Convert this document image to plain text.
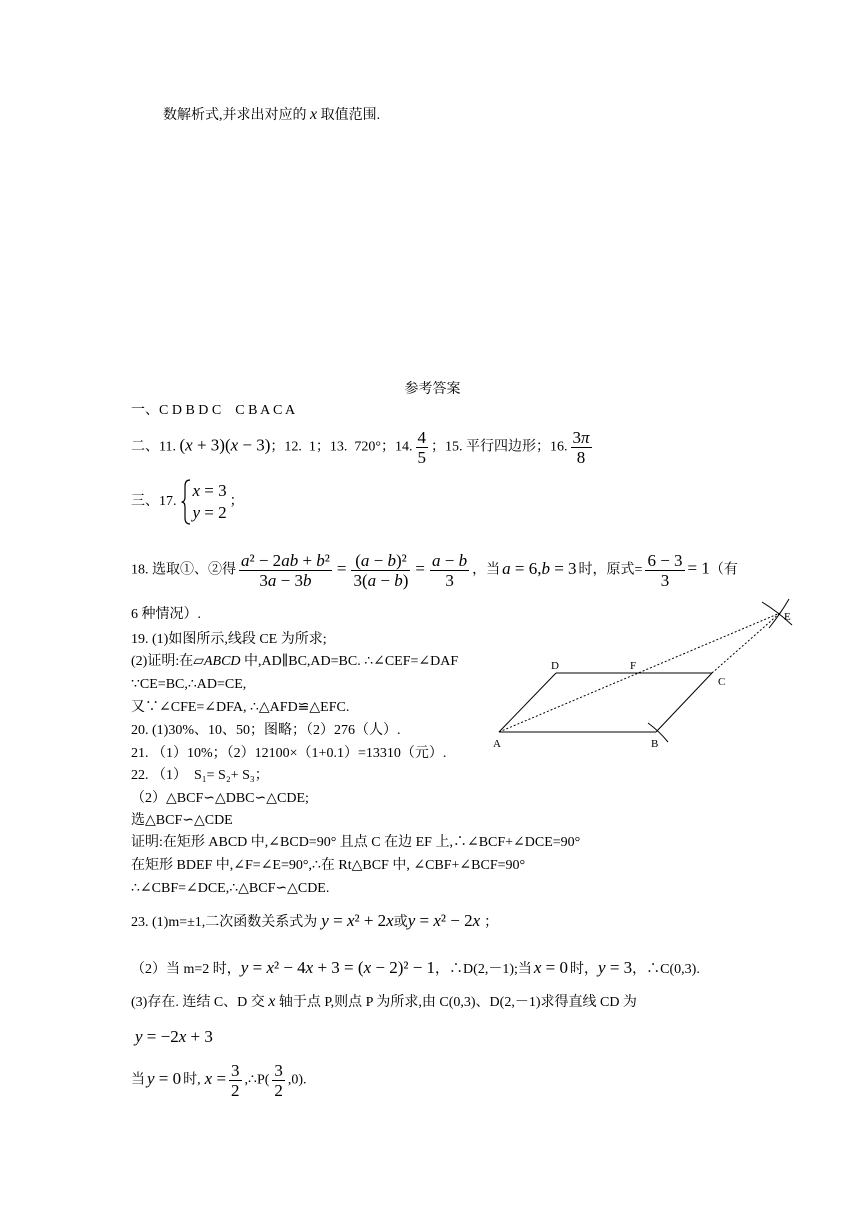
数解析式,并求出对应的 x 取值范围.
参考答案
一、C D B D C    C B A C A
二、11. (x + 3)(x − 3)；12.  1；13.  720°；14. $\frac{4}{5}$ ；15. 平行四边形；16. $\frac{3\pi}{8}$
三、17.
x = 3
y = 2
；
18. 选取①、②得 $\frac{\text{a² − 2ab + b²}}{3a - 3b} = \frac{\text{(a − b)²}}{3(a - b)} = \frac{a - b}{3}$ ，当 a = 6,b = 3 时，原式= $\frac{6 - 3}{3} = 1$（有
6 种情况）.
19. (1)如图所示,线段 CE 为所求;
(2)证明:在▱ABCD 中,AD∥BC,AD=BC. ∴∠CEF=∠DAF
∵CE=BC,∴AD=CE,
又∵∠CFE=∠DFA, ∴△AFD≌△EFC.
20. (1)30%、10、50；图略；（2）276（人）.
21. （1）10%；（2）12100×（1+0.1）=13310（元）.
22. （1）  S₁= S₂+ S₃；
（2）△BCF∽△DBC∽△CDE;
选△BCF∽△CDE
证明:在矩形 ABCD 中,∠BCD=90° 且点 C 在边 EF 上,∴∠BCF+∠DCE=90°
在矩形 BDEF 中,∠F=∠E=90°,∴在 Rt△BCF 中, ∠CBF+∠BCF=90°
∴∠CBF=∠DCE,∴△BCF∽△CDE.
23. (1)m=±1,二次函数关系式为 y = x² + 2x或y = x² − 2x ；
（2）当 m=2 时，y = x² − 4x + 3 = (x − 2)² − 1，∴D(2,－1);当 x = 0 时，y = 3，∴C(0,3).
(3)存在. 连结 C、D 交 x 轴于点 P,则点 P 为所求,由 C(0,3)、D(2,－1)求得直线 CD 为
y = −2x + 3
当 y = 0 时, $x = \frac{3}{2}$ ,∴P( $\frac{3}{2} ,0$).
E
D	F
C
A	B
